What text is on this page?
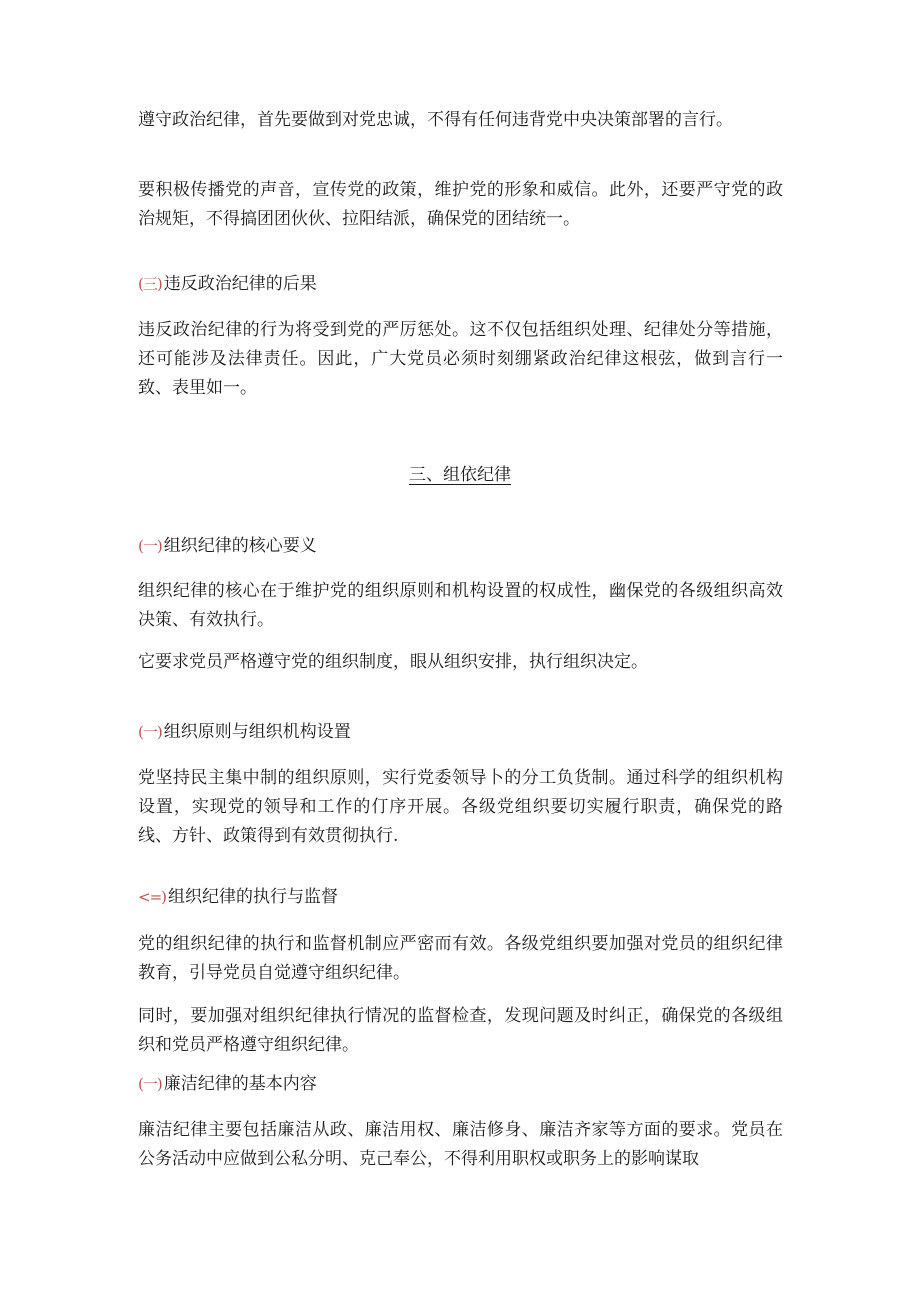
遵守政治纪律，首先要做到对党忠诚，不得有任何违背党中央决策部署的言行。

要积极传播党的声音，宣传党的政策，维护党的形象和威信。此外，还要严守党的政治规矩，不得搞团团伙伙、拉阳结派，确保党的团结统一。

(三) 违反政治纪律的后果

违反政治纪律的行为将受到党的严厉惩处。这不仅包括组织处理、纪律处分等措施，还可能涉及法律责任。因此，广大党员必须时刻绷紧政治纪律这根弦，做到言行一致、表里如一。

三、组依纪律
(一) 组织纪律的核心要义

组织纪律的核心在于维护党的组织原则和机构设置的权成性，幽保党的各级组织高效决策、有效执行。

它要求党员严格遵守党的组织制度，眼从组织安排，执行组织决定。

(一) 组织原则与组织机构设置

党坚持民主集中制的组织原则，实行党委领导卜的分工负货制。通过科学的组织机构设置，实现党的领导和工作的仃序开展。各级党组织要切实履行职责，确保党的路线、方针、政策得到有效贯彻执行.

<=) 组织纪律的执行与监督

党的组织纪律的执行和监督机制应严密而有效。各级党组织要加强对党员的组织纪律教育，引导党员自觉遵守组织纪律。

同时，要加强对组织纪律执行情况的监督检查，发现问题及时纠正，确保党的各级组织和党员严格遵守组织纪律。

(一) 廉洁纪律的基本内容

廉洁纪律主要包括廉洁从政、廉洁用权、廉洁修身、廉洁齐家等方面的要求。党员在公务活动中应做到公私分明、克己奉公，不得利用职权或职务上的影响谋取
